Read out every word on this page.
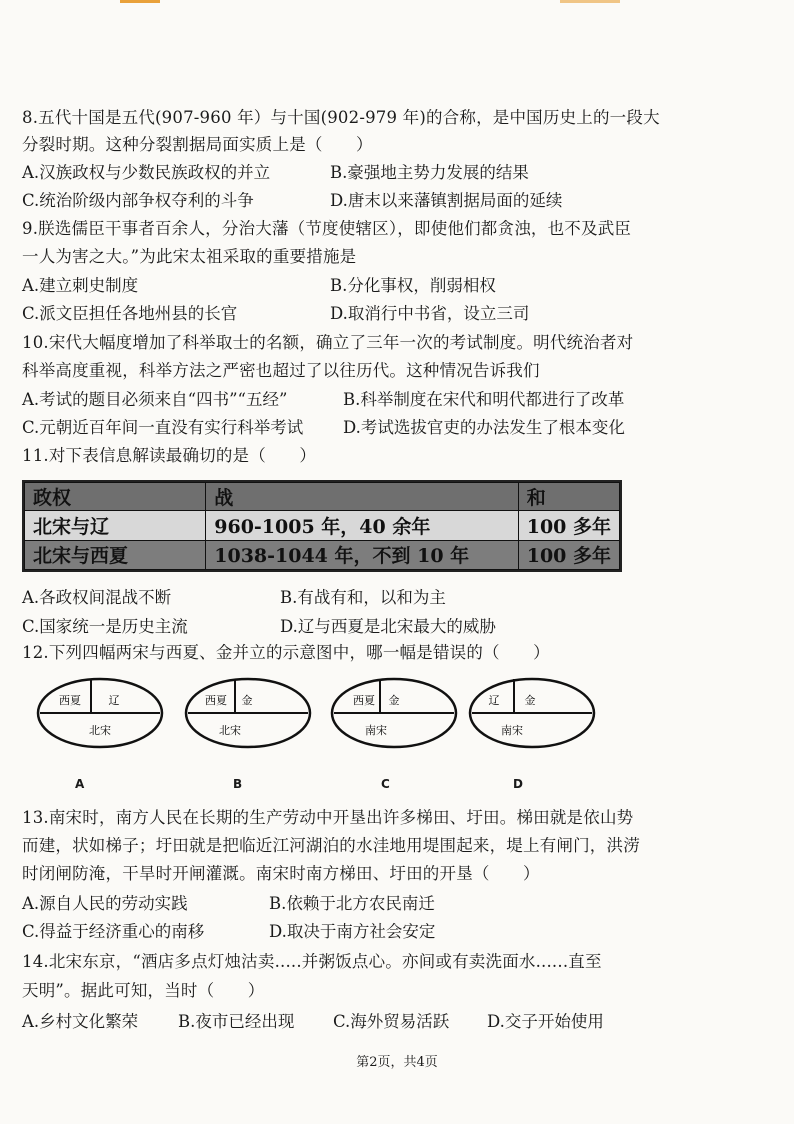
8.五代十国是五代(907-960 年）与十国(902-979 年)的合称，是中国历史上的一段大
分裂时期。这种分裂割据局面实质上是（　　）
A.汉族政权与少数民族政权的并立	B.豪强地主势力发展的结果
C.统治阶级内部争权夺利的斗争	D.唐末以来藩镇割据局面的延续
9.朕选儒臣干事者百余人，分治大藩（节度使辖区），即使他们都贪浊，也不及武臣
一人为害之大。”为此宋太祖采取的重要措施是
A.建立刺史制度	B.分化事权，削弱相权
C.派文臣担任各地州县的长官	D.取消行中书省，设立三司
10.宋代大幅度增加了科举取士的名额，确立了三年一次的考试制度。明代统治者对
科举高度重视，科举方法之严密也超过了以往历代。这种情况告诉我们
A.考试的题目必须来自“四书”“五经”	B.科举制度在宋代和明代都进行了改革
C.元朝近百年间一直没有实行科举考试 D.考试选拔官吏的办法发生了根本变化
11.对下表信息解读最确切的是（　　）
政权	战	和
北宋与辽	960-1005 年，40 余年	100 多年
北宋与西夏	1038-1044 年，不到 10 年	100 多年
A.各政权间混战不断	B.有战有和，以和为主
C.国家统一是历史主流	D.辽与西夏是北宋最大的威胁
12.下列四幅两宋与西夏、金并立的示意图中，哪一幅是错误的（　　）
西夏	辽
北宋
西夏 金
北宋
西夏 金
南宋
辽 金
南宋
A	B	C	D
13.南宋时，南方人民在长期的生产劳动中开垦出许多梯田、圩田。梯田就是依山势
而建，状如梯子；圩田就是把临近江河湖泊的水洼地用堤围起来，堤上有闸门，洪涝
时闭闸防淹，干旱时开闸灌溉。南宋时南方梯田、圩田的开垦（　　）
A.源自人民的劳动实践	B.依赖于北方农民南迁
C.得益于经济重心的南移	D.取决于南方社会安定
14.北宋东京，“酒店多点灯烛沽卖.....并粥饭点心。亦间或有卖洗面水......直至
天明”。据此可知，当时（　　）
A.乡村文化繁荣 B.夜市已经出现 C.海外贸易活跃 D.交子开始使用
第2页，共4页
